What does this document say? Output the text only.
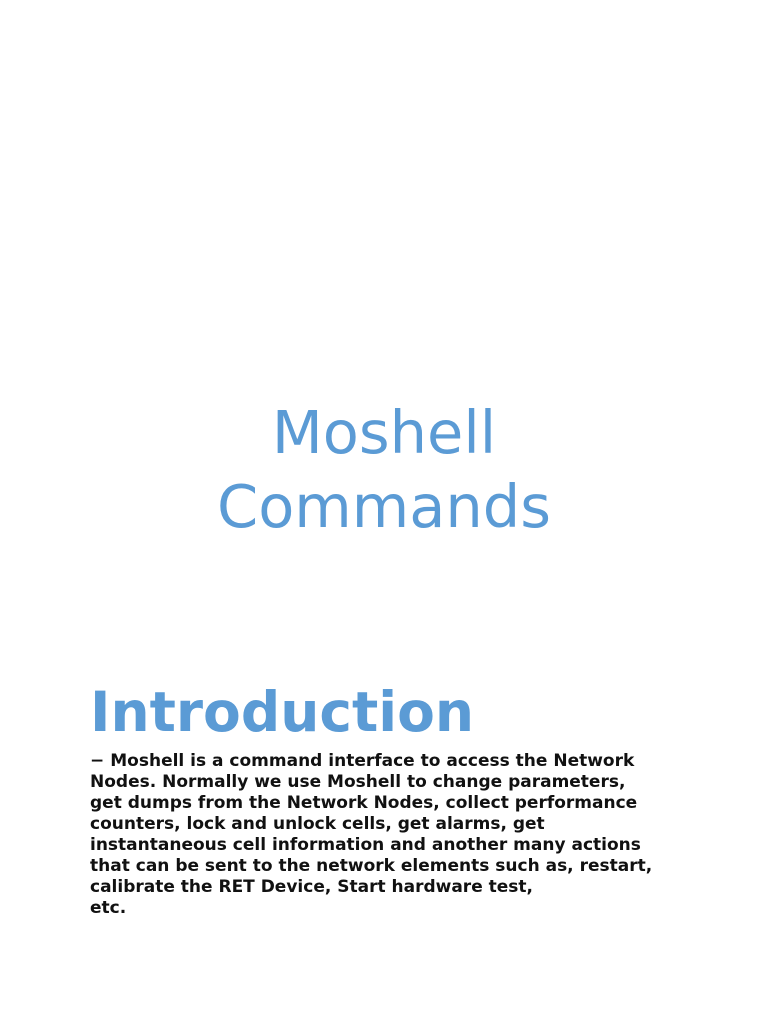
Moshell
Commands
Introduction
− Moshell is a command interface to access the Network
Nodes. Normally we use Moshell to change parameters,
get dumps from the Network Nodes, collect performance
counters, lock and unlock cells, get alarms, get
instantaneous cell information and another many actions
that can be sent to the network elements such as, restart,
calibrate the RET Device, Start hardware test,
etc.
